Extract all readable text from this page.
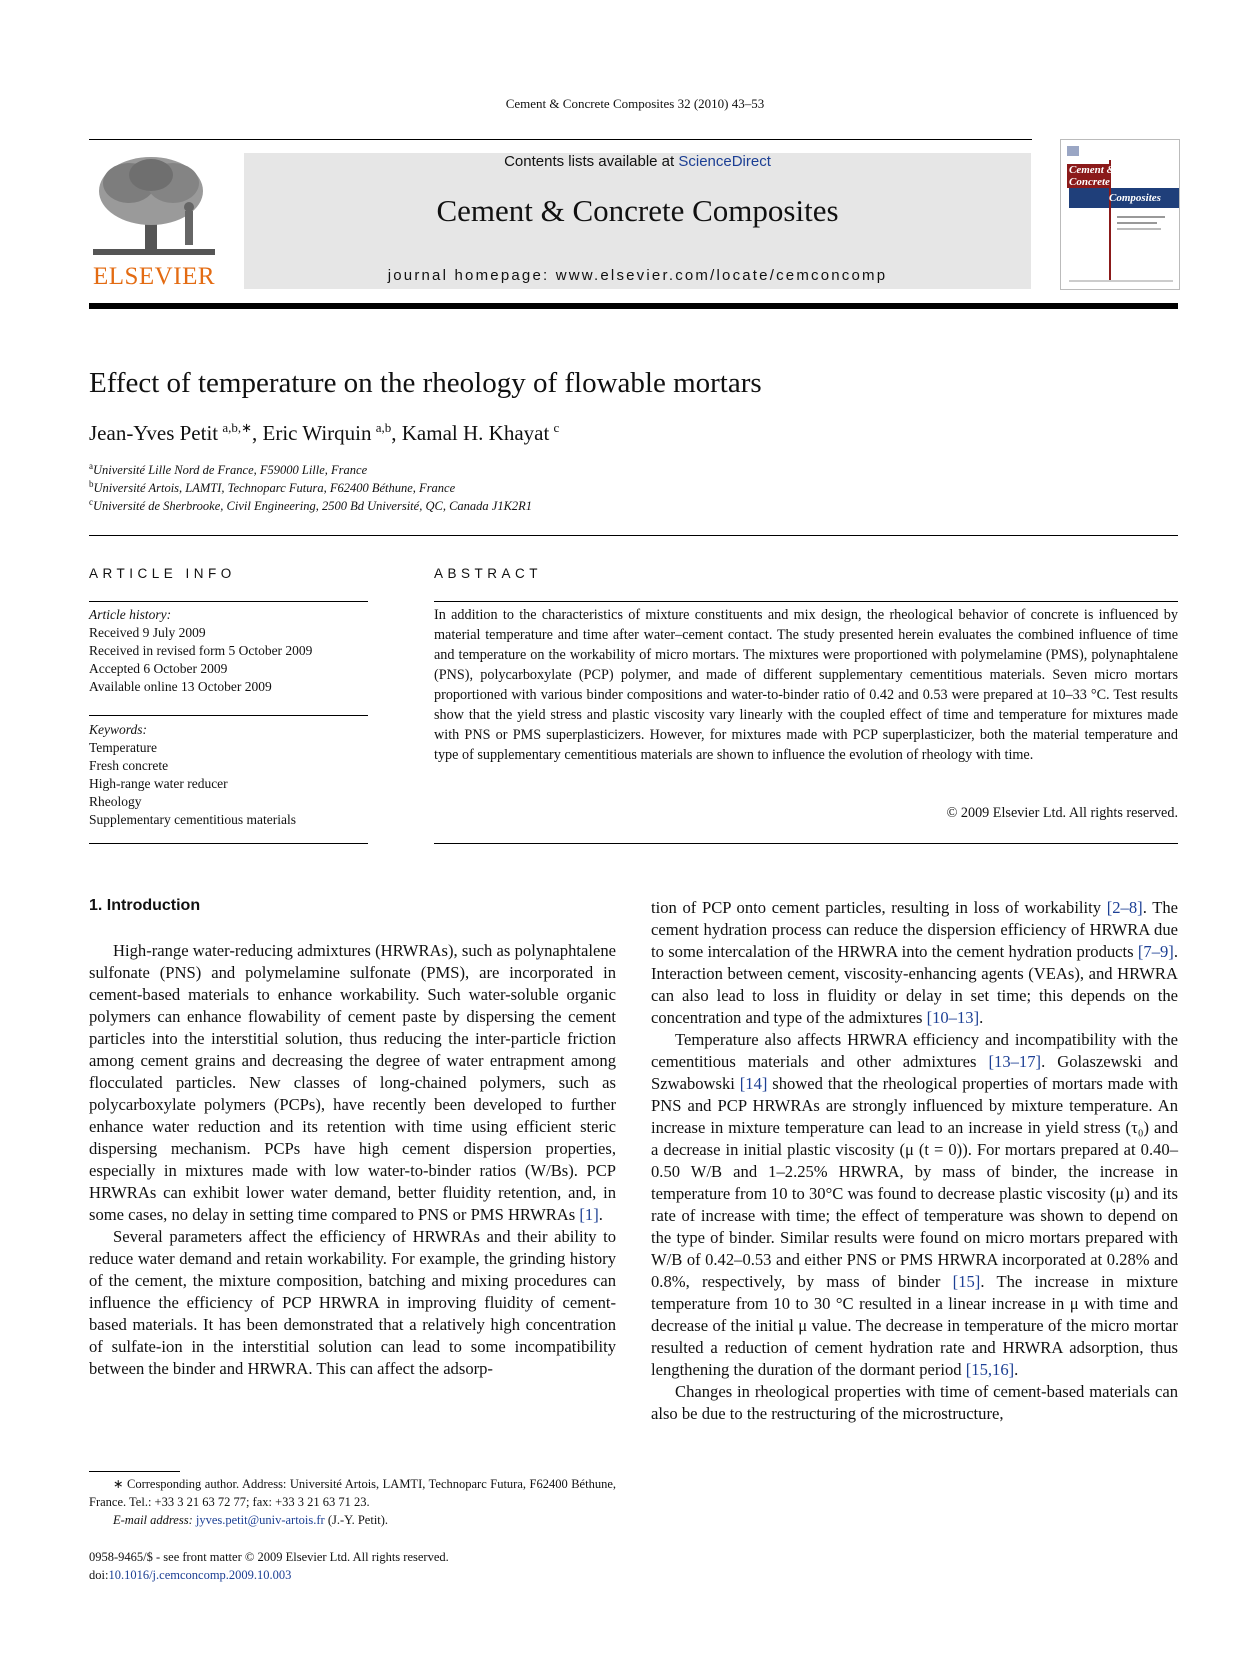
Cement & Concrete Composites 32 (2010) 43–53
ELSEVIER
Contents lists available at ScienceDirect
Cement & Concrete Composites
journal homepage: www.elsevier.com/locate/cemconcomp
Cement &
Concrete
Composites
Effect of temperature on the rheology of flowable mortars
Jean-Yves Petit  $^{a,b,∗}$, Eric Wirquin  $^{a,b}$, Kamal H. Khayat  $^c$
$^a$Université Lille Nord de France, F59000 Lille, France
$^b$Université Artois, LAMTI, Technoparc Futura, F62400 Béthune, France
$^c$Université de Sherbrooke, Civil Engineering, 2500 Bd Université, QC, Canada J1K2R1
ARTICLE INFO
Article history:
Received 9 July 2009
Received in revised form 5 October 2009
Accepted 6 October 2009
Available online 13 October 2009
Keywords:
Temperature
Fresh concrete
High-range water reducer
Rheology
Supplementary cementitious materials
ABSTRACT
In addition to the characteristics of mixture constituents and mix design, the rheological behavior of concrete is influenced by material temperature and time after water–cement contact. The study presented herein evaluates the combined influence of time and temperature on the workability of micro mortars. The mixtures were proportioned with polymelamine (PMS), polynaphtalene (PNS), polycarboxylate (PCP) polymer, and made of different supplementary cementitious materials. Seven micro mortars proportioned with various binder compositions and water-to-binder ratio of 0.42 and 0.53 were prepared at 10–33 °C. Test results show that the yield stress and plastic viscosity vary linearly with the coupled effect of time and temperature for mixtures made with PNS or PMS superplasticizers. However, for mixtures made with PCP superplasticizer, both the material temperature and type of supplementary cementitious materials are shown to influence the evolution of rheology with time.
© 2009 Elsevier Ltd. All rights reserved.
1. Introduction

High-range water-reducing admixtures (HRWRAs), such as polynaphtalene sulfonate (PNS) and polymelamine sulfonate (PMS), are incorporated in cement-based materials to enhance workability. Such water-soluble organic polymers can enhance flowability of cement paste by dispersing the cement particles into the interstitial solution, thus reducing the inter-particle friction among cement grains and decreasing the degree of water entrapment among flocculated particles. New classes of long-chained polymers, such as polycarboxylate polymers (PCPs), have recently been developed to further enhance water reduction and its retention with time using efficient steric dispersing mechanism. PCPs have high cement dispersion properties, especially in mixtures made with low water-to-binder ratios (W/Bs). PCP HRWRAs can exhibit lower water demand, better fluidity retention, and, in some cases, no delay in setting time compared to PNS or PMS HRWRAs [1].

Several parameters affect the efficiency of HRWRAs and their ability to reduce water demand and retain workability. For example, the grinding history of the cement, the mixture composition, batching and mixing procedures can influence the efficiency of PCP HRWRA in improving fluidity of cement-based materials. It has been demonstrated that a relatively high concentration of sulfate-ion in the interstitial solution can lead to some incompatibility between the binder and HRWRA. This can affect the adsorp-

tion of PCP onto cement particles, resulting in loss of workability [2–8]. The cement hydration process can reduce the dispersion efficiency of HRWRA due to some intercalation of the HRWRA into the cement hydration products [7–9]. Interaction between cement, viscosity-enhancing agents (VEAs), and HRWRA can also lead to loss in fluidity or delay in set time; this depends on the concentration and type of the admixtures [10–13].

Temperature also affects HRWRA efficiency and incompatibility with the cementitious materials and other admixtures [13–17]. Golaszewski and Szwabowski [14] showed that the rheological properties of mortars made with PNS and PCP HRWRAs are strongly influenced by mixture temperature. An increase in mixture temperature can lead to an increase in yield stress (τ₀) and a decrease in initial plastic viscosity (μ (t = 0)). For mortars prepared at 0.40–0.50 W/B and 1–2.25% HRWRA, by mass of binder, the increase in temperature from 10 to 30°C was found to decrease plastic viscosity (μ) and its rate of increase with time; the effect of temperature was shown to depend on the type of binder. Similar results were found on micro mortars prepared with W/B of 0.42–0.53 and either PNS or PMS HRWRA incorporated at 0.28% and 0.8%, respectively, by mass of binder [15]. The increase in mixture temperature from 10 to 30 °C resulted in a linear increase in μ with time and decrease of the initial μ value. The decrease in temperature of the micro mortar resulted a reduction of cement hydration rate and HRWRA adsorption, thus lengthening the duration of the dormant period [15,16].

Changes in rheological properties with time of cement-based materials can also be due to the restructuring of the microstructure,

∗ Corresponding author. Address: Université Artois, LAMTI, Technoparc Futura, F62400 Béthune, France. Tel.: +33 3 21 63 72 77; fax: +33 3 21 63 71 23.
E-mail address: jyves.petit@univ-artois.fr (J.-Y. Petit).
0958-9465/$ - see front matter © 2009 Elsevier Ltd. All rights reserved.
doi:10.1016/j.cemconcomp.2009.10.003
